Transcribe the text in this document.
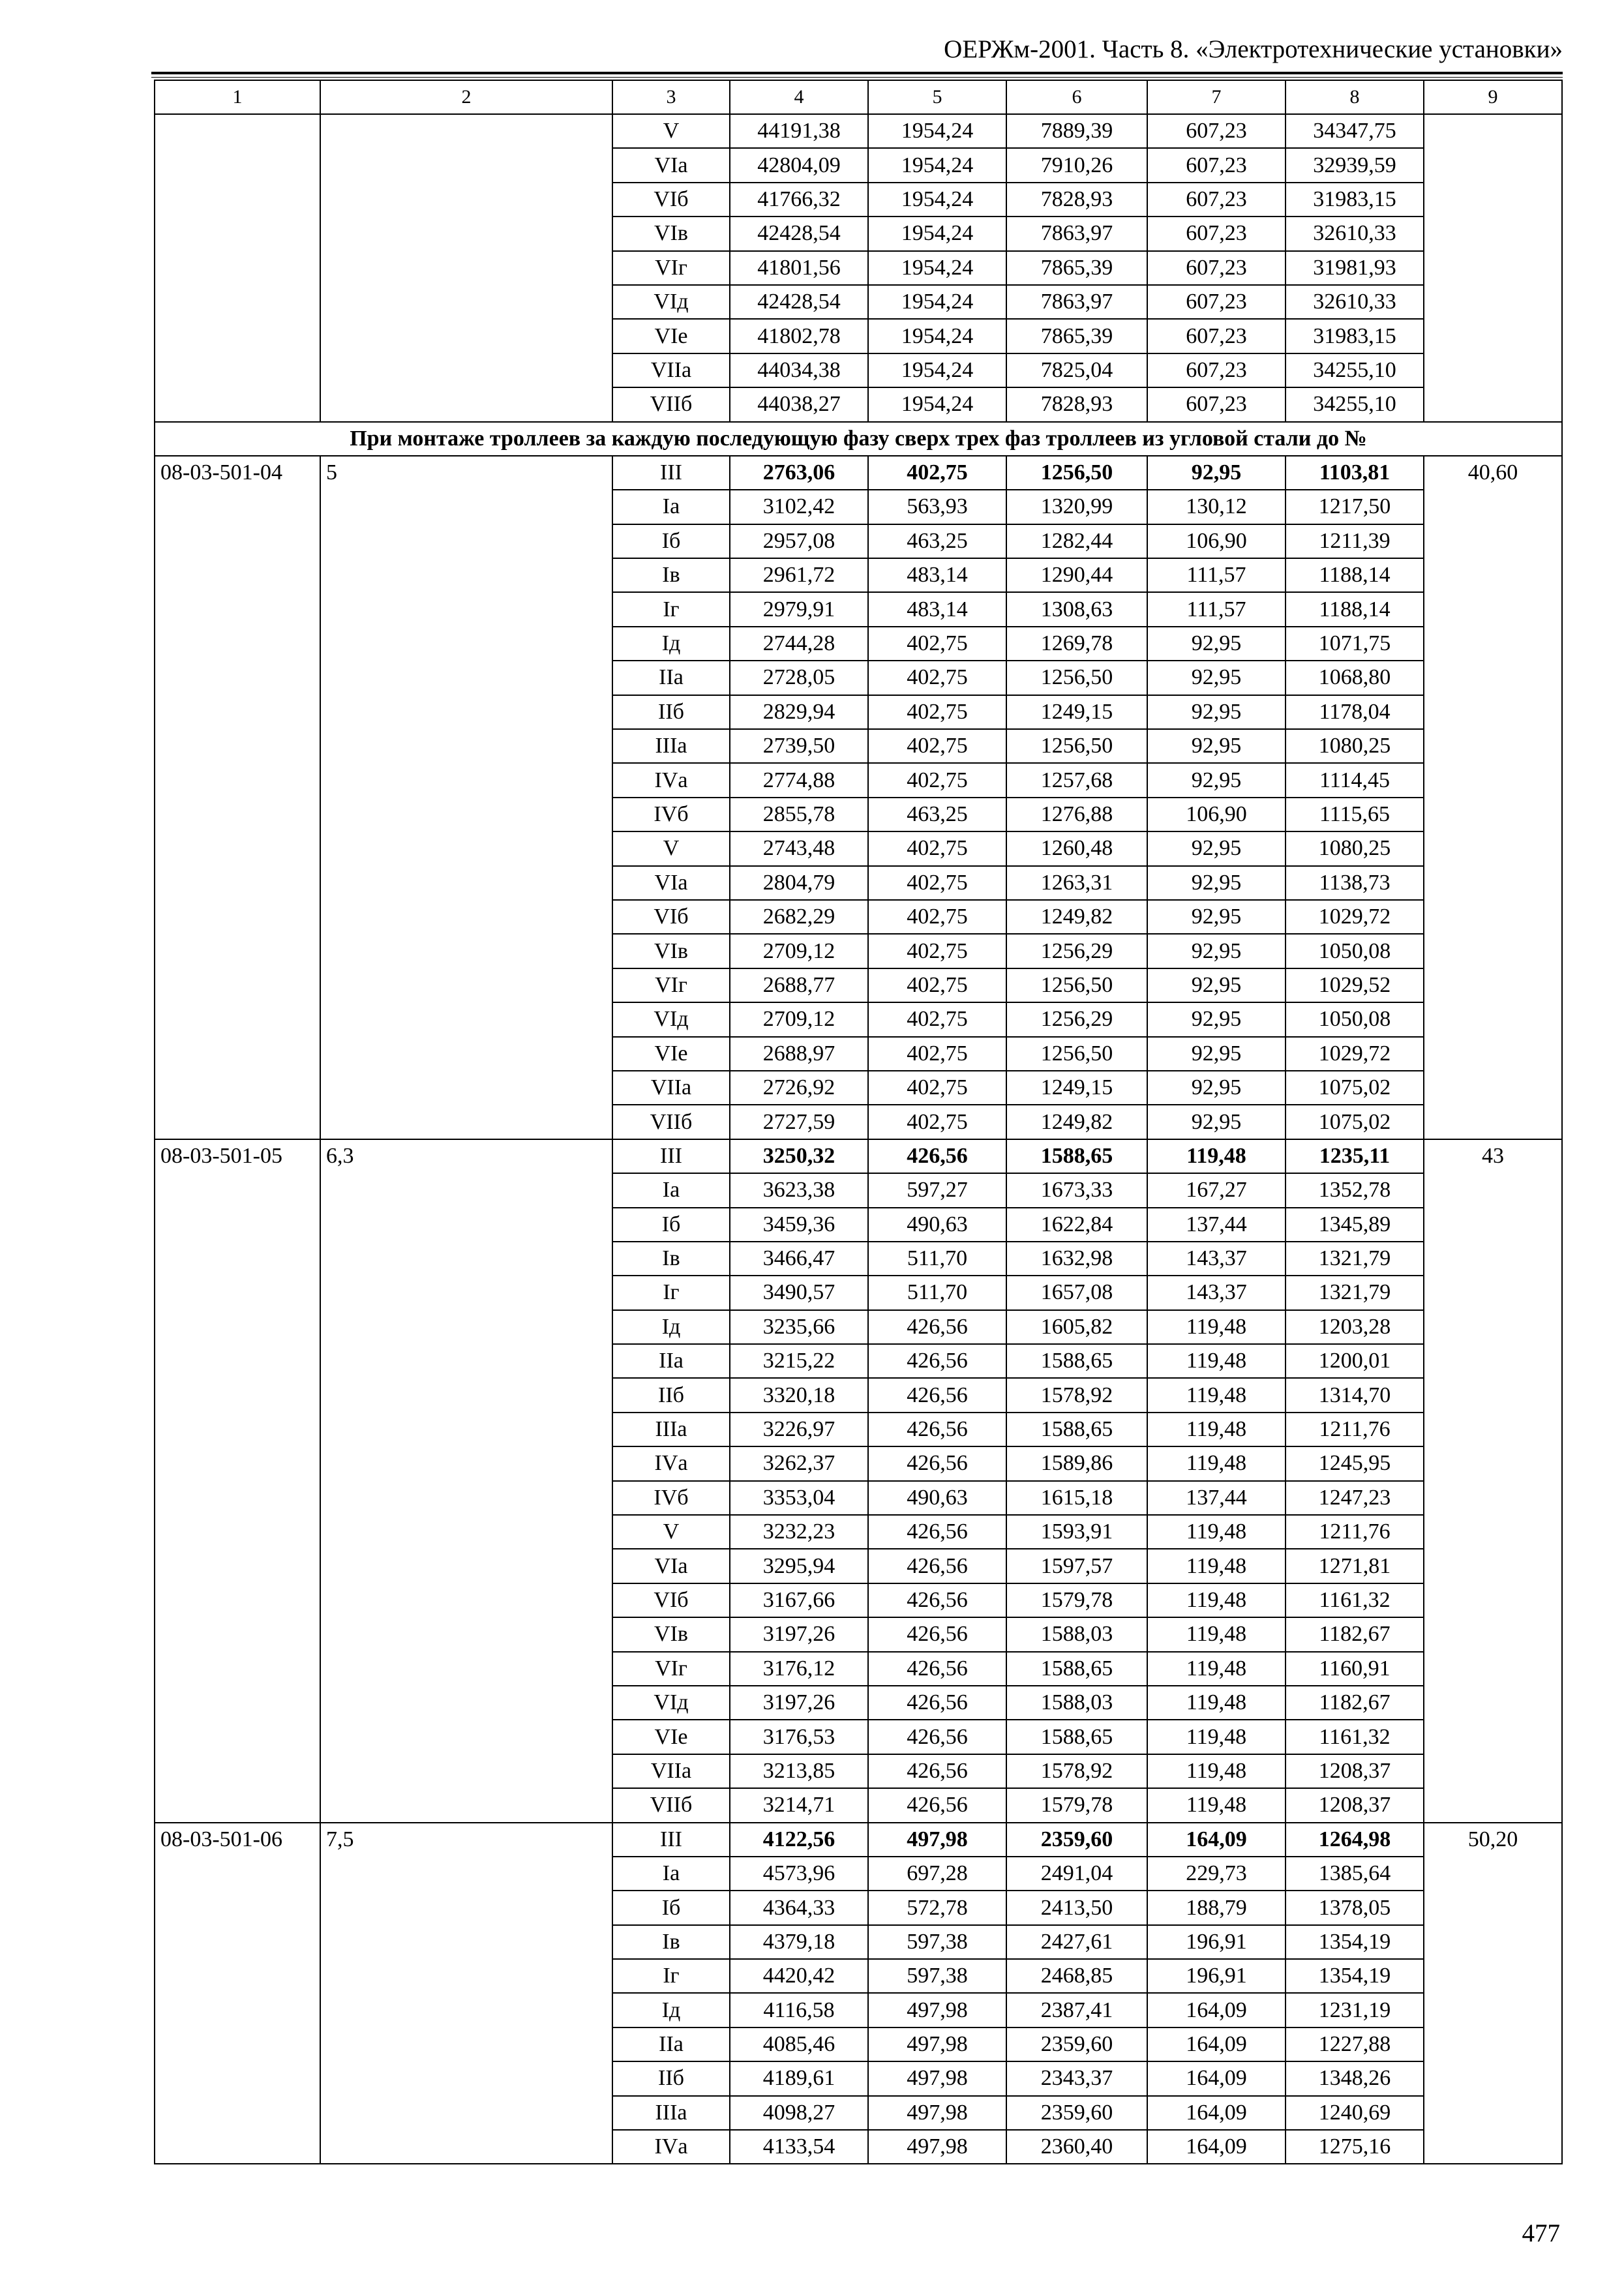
ОЕРЖм-2001. Часть 8. «Электротехнические установки»
1	2	3	4	5	6	7	8	9
		V	44191,38	1954,24	7889,39	607,23	34347,75	
		VIа	42804,09	1954,24	7910,26	607,23	32939,59	
		VIб	41766,32	1954,24	7828,93	607,23	31983,15	
		VIв	42428,54	1954,24	7863,97	607,23	32610,33	
		VIг	41801,56	1954,24	7865,39	607,23	31981,93	
		VIд	42428,54	1954,24	7863,97	607,23	32610,33	
		VIе	41802,78	1954,24	7865,39	607,23	31983,15	
		VIIа	44034,38	1954,24	7825,04	607,23	34255,10	
		VIIб	44038,27	1954,24	7828,93	607,23	34255,10	
При монтаже троллеев за каждую последующую фазу сверх трех фаз троллеев из угловой стали до №								
08-03-501-04	5	III	2763,06	402,75	1256,50	92,95	1103,81	40,60
		Iа	3102,42	563,93	1320,99	130,12	1217,50	
		Iб	2957,08	463,25	1282,44	106,90	1211,39	
		Iв	2961,72	483,14	1290,44	111,57	1188,14	
		Iг	2979,91	483,14	1308,63	111,57	1188,14	
		Iд	2744,28	402,75	1269,78	92,95	1071,75	
		IIа	2728,05	402,75	1256,50	92,95	1068,80	
		IIб	2829,94	402,75	1249,15	92,95	1178,04	
		IIIа	2739,50	402,75	1256,50	92,95	1080,25	
		IVа	2774,88	402,75	1257,68	92,95	1114,45	
		IVб	2855,78	463,25	1276,88	106,90	1115,65	
		V	2743,48	402,75	1260,48	92,95	1080,25	
		VIа	2804,79	402,75	1263,31	92,95	1138,73	
		VIб	2682,29	402,75	1249,82	92,95	1029,72	
		VIв	2709,12	402,75	1256,29	92,95	1050,08	
		VIг	2688,77	402,75	1256,50	92,95	1029,52	
		VIд	2709,12	402,75	1256,29	92,95	1050,08	
		VIе	2688,97	402,75	1256,50	92,95	1029,72	
		VIIа	2726,92	402,75	1249,15	92,95	1075,02	
		VIIб	2727,59	402,75	1249,82	92,95	1075,02	
08-03-501-05	6,3	III	3250,32	426,56	1588,65	119,48	1235,11	43
		Iа	3623,38	597,27	1673,33	167,27	1352,78	
		Iб	3459,36	490,63	1622,84	137,44	1345,89	
		Iв	3466,47	511,70	1632,98	143,37	1321,79	
		Iг	3490,57	511,70	1657,08	143,37	1321,79	
		Iд	3235,66	426,56	1605,82	119,48	1203,28	
		IIа	3215,22	426,56	1588,65	119,48	1200,01	
		IIб	3320,18	426,56	1578,92	119,48	1314,70	
		IIIа	3226,97	426,56	1588,65	119,48	1211,76	
		IVа	3262,37	426,56	1589,86	119,48	1245,95	
		IVб	3353,04	490,63	1615,18	137,44	1247,23	
		V	3232,23	426,56	1593,91	119,48	1211,76	
		VIа	3295,94	426,56	1597,57	119,48	1271,81	
		VIб	3167,66	426,56	1579,78	119,48	1161,32	
		VIв	3197,26	426,56	1588,03	119,48	1182,67	
		VIг	3176,12	426,56	1588,65	119,48	1160,91	
		VIд	3197,26	426,56	1588,03	119,48	1182,67	
		VIе	3176,53	426,56	1588,65	119,48	1161,32	
		VIIа	3213,85	426,56	1578,92	119,48	1208,37	
		VIIб	3214,71	426,56	1579,78	119,48	1208,37	
08-03-501-06	7,5	III	4122,56	497,98	2359,60	164,09	1264,98	50,20
		Iа	4573,96	697,28	2491,04	229,73	1385,64	
		Iб	4364,33	572,78	2413,50	188,79	1378,05	
		Iв	4379,18	597,38	2427,61	196,91	1354,19	
		Iг	4420,42	597,38	2468,85	196,91	1354,19	
		Iд	4116,58	497,98	2387,41	164,09	1231,19	
		IIа	4085,46	497,98	2359,60	164,09	1227,88	
		IIб	4189,61	497,98	2343,37	164,09	1348,26	
		IIIа	4098,27	497,98	2359,60	164,09	1240,69	
		IVа	4133,54	497,98	2360,40	164,09	1275,16	
477
